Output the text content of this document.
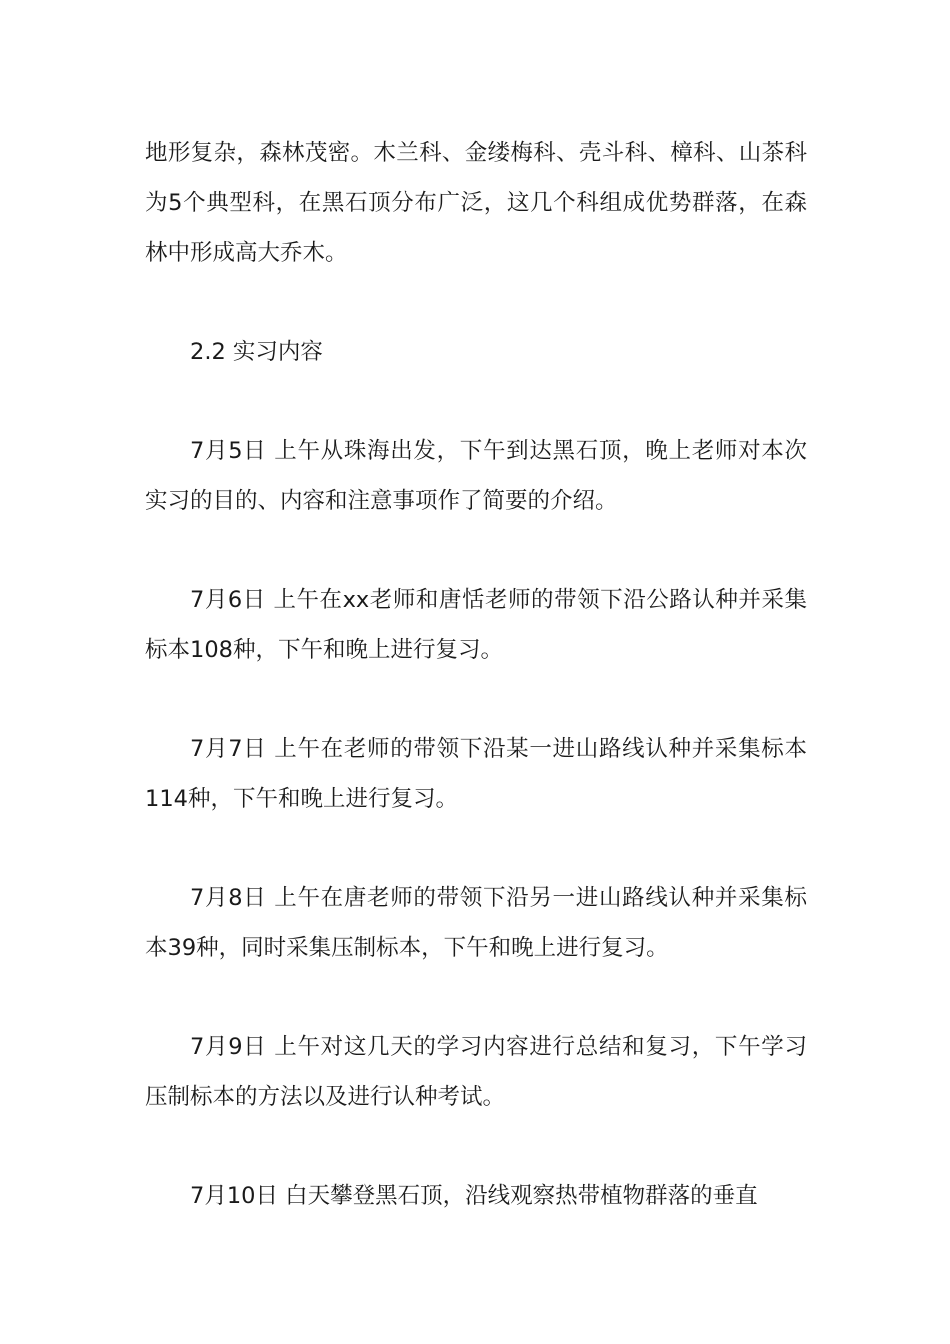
地形复杂，森林茂密。木兰科、金缕梅科、壳斗科、樟科、山茶科为5个典型科，在黑石顶分布广泛，这几个科组成优势群落，在森林中形成高大乔木。

2.2 实习内容

7月5日 上午从珠海出发，下午到达黑石顶，晚上老师对本次实习的目的、内容和注意事项作了简要的介绍。

7月6日 上午在xx老师和唐恬老师的带领下沿公路认种并采集标本108种，下午和晚上进行复习。

7月7日 上午在老师的带领下沿某一进山路线认种并采集标本114种，下午和晚上进行复习。

7月8日 上午在唐老师的带领下沿另一进山路线认种并采集标本39种，同时采集压制标本，下午和晚上进行复习。

7月9日 上午对这几天的学习内容进行总结和复习，下午学习压制标本的方法以及进行认种考试。

7月10日 白天攀登黑石顶，沿线观察热带植物群落的垂直
